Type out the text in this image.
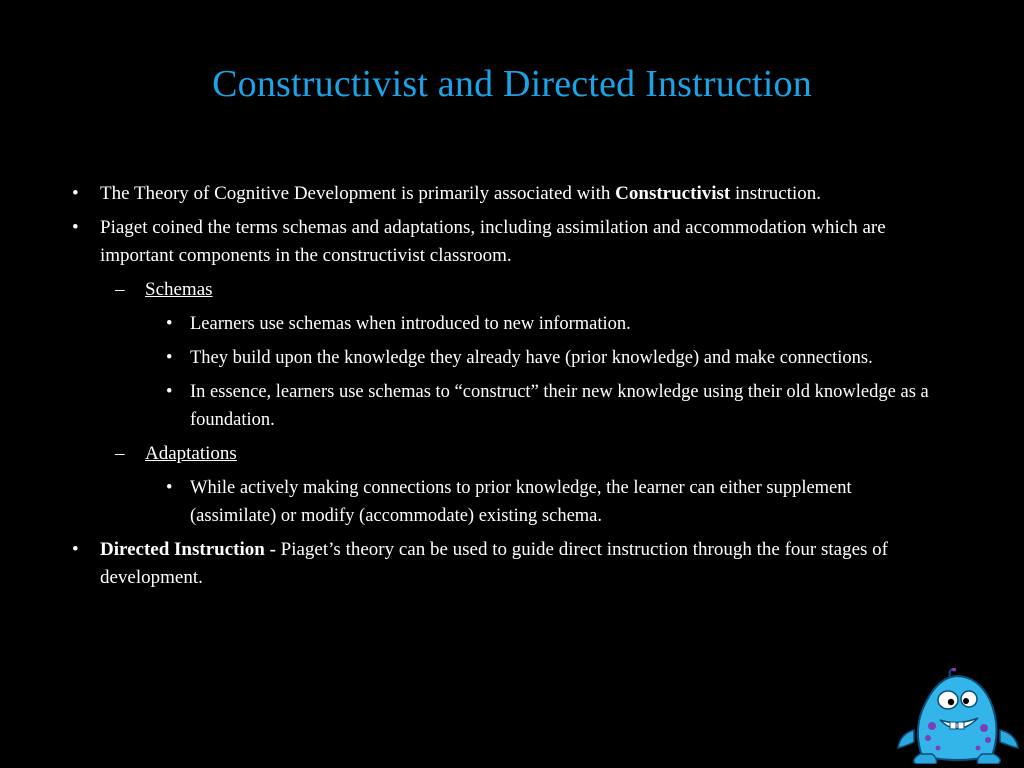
Constructivist and Directed Instruction
• The Theory of Cognitive Development is primarily associated with Constructivist instruction.
• Piaget coined the terms schemas and adaptations, including assimilation and accommodation which are important components in the constructivist classroom.
– Schemas
• Learners use schemas when introduced to new information.
• They build upon the knowledge they already have (prior knowledge) and make connections.
• In essence, learners use schemas to “construct” their new knowledge using their old knowledge as a foundation.
– Adaptations
• While actively making connections to prior knowledge, the learner can either supplement (assimilate) or modify (accommodate) existing schema.
• Directed Instruction - Piaget’s theory can be used to guide direct instruction through the four stages of development.
